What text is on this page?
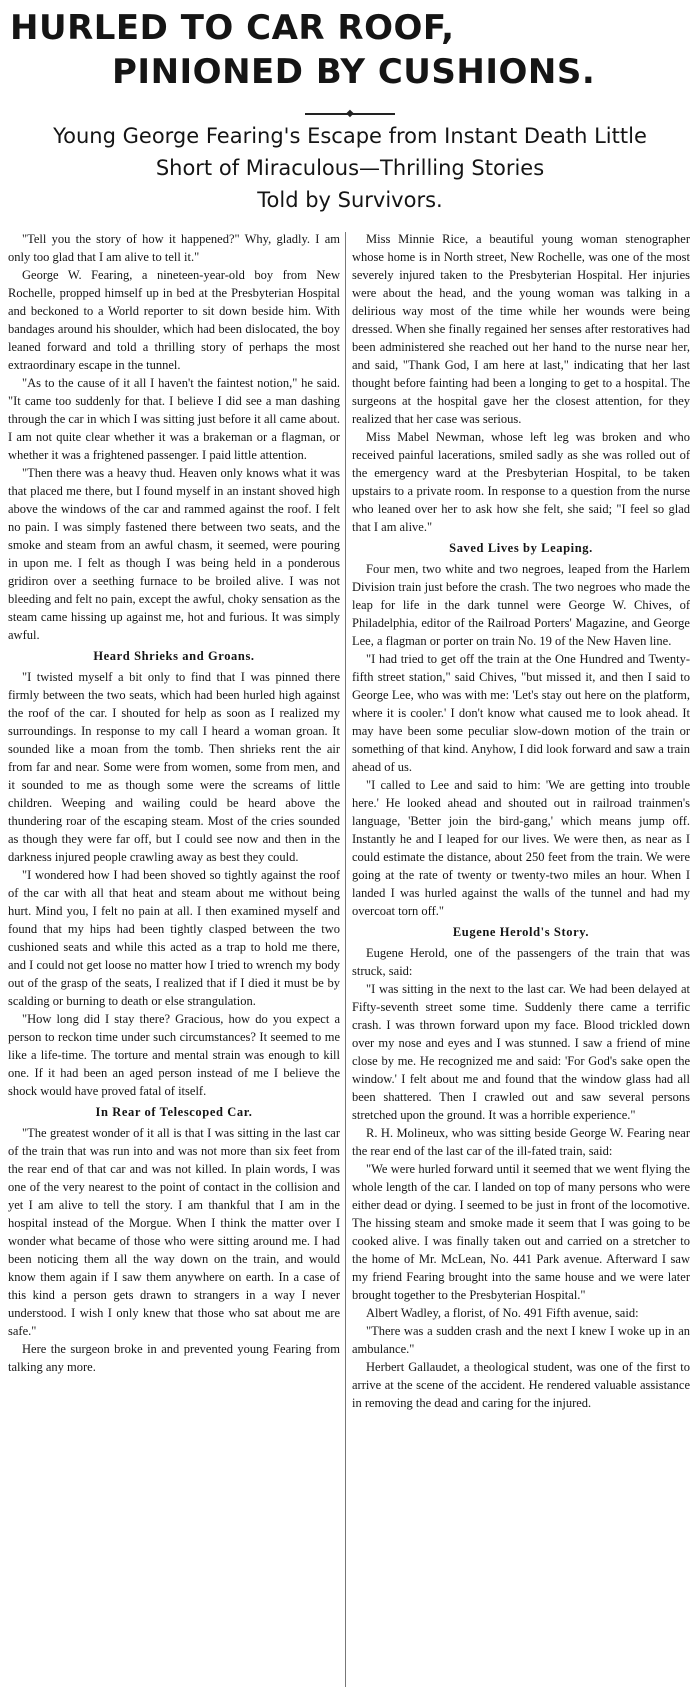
HURLED TO CAR ROOF,
PINIONED BY CUSHIONS.
◆
Young George Fearing's Escape from Instant Death Little
Short of Miraculous—Thrilling Stories
Told by Survivors.

"Tell you the story of how it happened?" Why, gladly. I am only too glad that I am alive to tell it."

George W. Fearing, a nineteen-year-old boy from New Rochelle, propped himself up in bed at the Presbyterian Hospital and beckoned to a World reporter to sit down beside him. With bandages around his shoulder, which had been dislocated, the boy leaned forward and told a thrilling story of perhaps the most extraordinary escape in the tunnel.

"As to the cause of it all I haven't the faintest notion," he said. "It came too suddenly for that. I believe I did see a man dashing through the car in which I was sitting just before it all came about. I am not quite clear whether it was a brakeman or a flagman, or whether it was a frightened passenger. I paid little attention.

"Then there was a heavy thud. Heaven only knows what it was that placed me there, but I found myself in an instant shoved high above the windows of the car and rammed against the roof. I felt no pain. I was simply fastened there between two seats, and the smoke and steam from an awful chasm, it seemed, were pouring in upon me. I felt as though I was being held in a ponderous gridiron over a seething furnace to be broiled alive. I was not bleeding and felt no pain, except the awful, choky sensation as the steam came hissing up against me, hot and furious. It was simply awful.

Heard Shrieks and Groans.

"I twisted myself a bit only to find that I was pinned there firmly between the two seats, which had been hurled high against the roof of the car. I shouted for help as soon as I realized my surroundings. In response to my call I heard a woman groan. It sounded like a moan from the tomb. Then shrieks rent the air from far and near. Some were from women, some from men, and it sounded to me as though some were the screams of little children. Weeping and wailing could be heard above the thundering roar of the escaping steam. Most of the cries sounded as though they were far off, but I could see now and then in the darkness injured people crawling away as best they could.

"I wondered how I had been shoved so tightly against the roof of the car with all that heat and steam about me without being hurt. Mind you, I felt no pain at all. I then examined myself and found that my hips had been tightly clasped between the two cushioned seats and while this acted as a trap to hold me there, and I could not get loose no matter how I tried to wrench my body out of the grasp of the seats, I realized that if I died it must be by scalding or burning to death or else strangulation.

"How long did I stay there? Gracious, how do you expect a person to reckon time under such circumstances? It seemed to me like a life-time. The torture and mental strain was enough to kill one. If it had been an aged person instead of me I believe the shock would have proved fatal of itself.

In Rear of Telescoped Car.

"The greatest wonder of it all is that I was sitting in the last car of the train that was run into and was not more than six feet from the rear end of that car and was not killed. In plain words, I was one of the very nearest to the point of contact in the collision and yet I am alive to tell the story. I am thankful that I am in the hospital instead of the Morgue. When I think the matter over I wonder what became of those who were sitting around me. I had been noticing them all the way down on the train, and would know them again if I saw them anywhere on earth. In a case of this kind a person gets drawn to strangers in a way I never understood. I wish I only knew that those who sat about me are safe."

Here the surgeon broke in and prevented young Fearing from talking any more.

Miss Minnie Rice, a beautiful young woman stenographer whose home is in North street, New Rochelle, was one of the most severely injured taken to the Presbyterian Hospital. Her injuries were about the head, and the young woman was talking in a delirious way most of the time while her wounds were being dressed. When she finally regained her senses after restoratives had been administered she reached out her hand to the nurse near her, and said, "Thank God, I am here at last," indicating that her last thought before fainting had been a longing to get to a hospital. The surgeons at the hospital gave her the closest attention, for they realized that her case was serious.

Miss Mabel Newman, whose left leg was broken and who received painful lacerations, smiled sadly as she was rolled out of the emergency ward at the Presbyterian Hospital, to be taken upstairs to a private room. In response to a question from the nurse who leaned over her to ask how she felt, she said; "I feel so glad that I am alive."

Saved Lives by Leaping.

Four men, two white and two negroes, leaped from the Harlem Division train just before the crash. The two negroes who made the leap for life in the dark tunnel were George W. Chives, of Philadelphia, editor of the Railroad Porters' Magazine, and George Lee, a flagman or porter on train No. 19 of the New Haven line.

"I had tried to get off the train at the One Hundred and Twenty-fifth street station," said Chives, "but missed it, and then I said to George Lee, who was with me: 'Let's stay out here on the platform, where it is cooler.' I don't know what caused me to look ahead. It may have been some peculiar slow-down motion of the train or something of that kind. Anyhow, I did look forward and saw a train ahead of us.

"I called to Lee and said to him: 'We are getting into trouble here.' He looked ahead and shouted out in railroad trainmen's language, 'Better join the bird-gang,' which means jump off. Instantly he and I leaped for our lives. We were then, as near as I could estimate the distance, about 250 feet from the train. We were going at the rate of twenty or twenty-two miles an hour. When I landed I was hurled against the walls of the tunnel and had my overcoat torn off."

Eugene Herold's Story.

Eugene Herold, one of the passengers of the train that was struck, said:

"I was sitting in the next to the last car. We had been delayed at Fifty-seventh street some time. Suddenly there came a terrific crash. I was thrown forward upon my face. Blood trickled down over my nose and eyes and I was stunned. I saw a friend of mine close by me. He recognized me and said: 'For God's sake open the window.' I felt about me and found that the window glass had all been shattered. Then I crawled out and saw several persons stretched upon the ground. It was a horrible experience."

R. H. Molineux, who was sitting beside George W. Fearing near the rear end of the last car of the ill-fated train, said:

"We were hurled forward until it seemed that we went flying the whole length of the car. I landed on top of many persons who were either dead or dying. I seemed to be just in front of the locomotive. The hissing steam and smoke made it seem that I was going to be cooked alive. I was finally taken out and carried on a stretcher to the home of Mr. McLean, No. 441 Park avenue. Afterward I saw my friend Fearing brought into the same house and we were later brought together to the Presbyterian Hospital."

Albert Wadley, a florist, of No. 491 Fifth avenue, said:

"There was a sudden crash and the next I knew I woke up in an ambulance."

Herbert Gallaudet, a theological student, was one of the first to arrive at the scene of the accident. He rendered valuable assistance in removing the dead and caring for the injured.
